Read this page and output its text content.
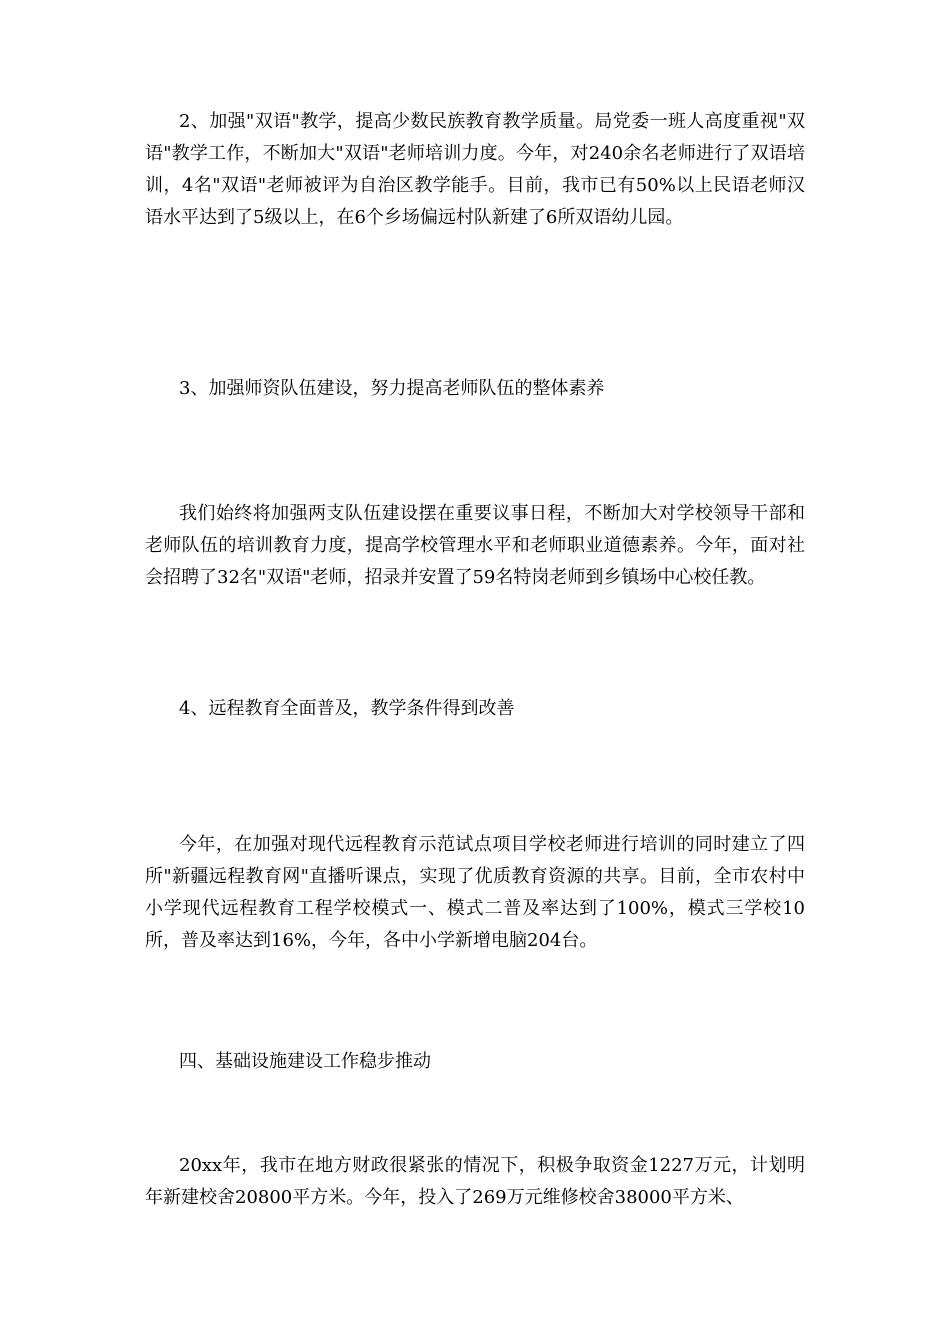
2、加强"双语"教学，提高少数民族教育教学质量。局党委一班人高度重视"双语"教学工作，不断加大"双语"老师培训力度。今年，对240余名老师进行了双语培训，4名"双语"老师被评为自治区教学能手。目前，我市已有50%以上民语老师汉语水平达到了5级以上，在6个乡场偏远村队新建了6所双语幼儿园。

3、加强师资队伍建设，努力提高老师队伍的整体素养

我们始终将加强两支队伍建设摆在重要议事日程，不断加大对学校领导干部和老师队伍的培训教育力度，提高学校管理水平和老师职业道德素养。今年，面对社会招聘了32名"双语"老师，招录并安置了59名特岗老师到乡镇场中心校任教。

4、远程教育全面普及，教学条件得到改善

今年，在加强对现代远程教育示范试点项目学校老师进行培训的同时建立了四所"新疆远程教育网"直播听课点，实现了优质教育资源的共享。目前，全市农村中小学现代远程教育工程学校模式一、模式二普及率达到了100%，模式三学校10所，普及率达到16%，今年，各中小学新增电脑204台。

四、基础设施建设工作稳步推动

20xx年，我市在地方财政很紧张的情况下，积极争取资金1227万元，计划明年新建校舍20800平方米。今年，投入了269万元维修校舍38000平方米、
